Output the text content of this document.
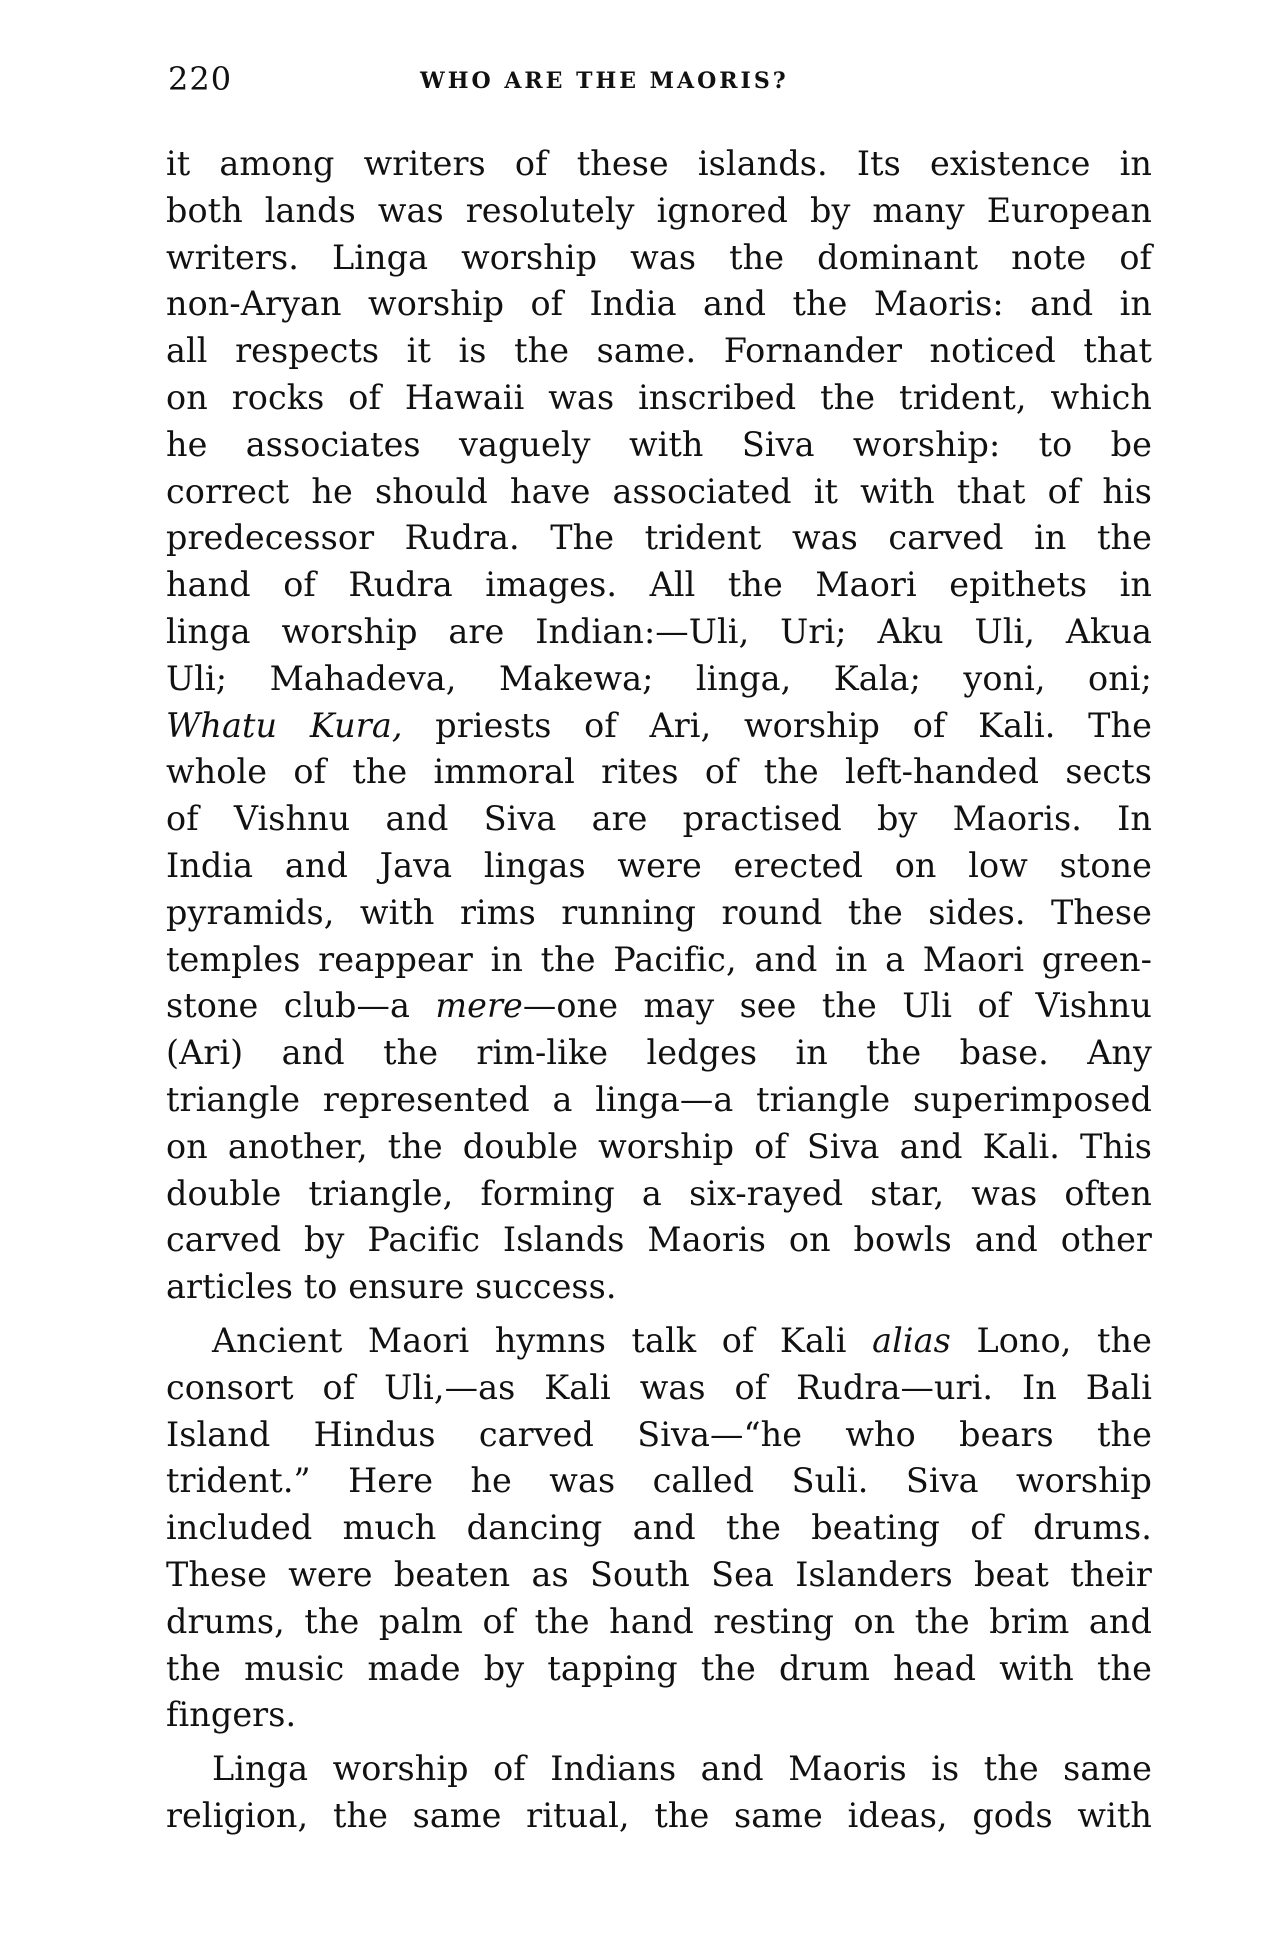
220	WHO ARE THE MAORIS?
it among writers of these islands. Its existence in
both lands was resolutely ignored by many European
writers. Linga worship was the dominant note of
non-Aryan worship of India and the Maoris: and in
all respects it is the same. Fornander noticed that
on rocks of Hawaii was inscribed the trident, which
he associates vaguely with Siva worship: to be
correct he should have associated it with that of his
predecessor Rudra. The trident was carved in the
hand of Rudra images. All the Maori epithets in
linga worship are Indian:—Uli, Uri; Aku Uli, Akua
Uli; Mahadeva, Makewa; linga, Kala; yoni, oni;
Whatu Kura, priests of Ari, worship of Kali. The
whole of the immoral rites of the left-handed sects
of Vishnu and Siva are practised by Maoris. In
India and Java lingas were erected on low stone
pyramids, with rims running round the sides. These
temples reappear in the Pacific, and in a Maori green-
stone club—a mere—one may see the Uli of Vishnu
(Ari) and the rim-like ledges in the base. Any
triangle represented a linga—a triangle superimposed
on another, the double worship of Siva and Kali. This
double triangle, forming a six-rayed star, was often
carved by Pacific Islands Maoris on bowls and other
articles to ensure success.
Ancient Maori hymns talk of Kali alias Lono, the
consort of Uli,—as Kali was of Rudra—uri. In Bali
Island Hindus carved Siva—“he who bears the
trident.” Here he was called Suli. Siva worship
included much dancing and the beating of drums.
These were beaten as South Sea Islanders beat their
drums, the palm of the hand resting on the brim and
the music made by tapping the drum head with the
fingers.
Linga worship of Indians and Maoris is the same
religion, the same ritual, the same ideas, gods with
